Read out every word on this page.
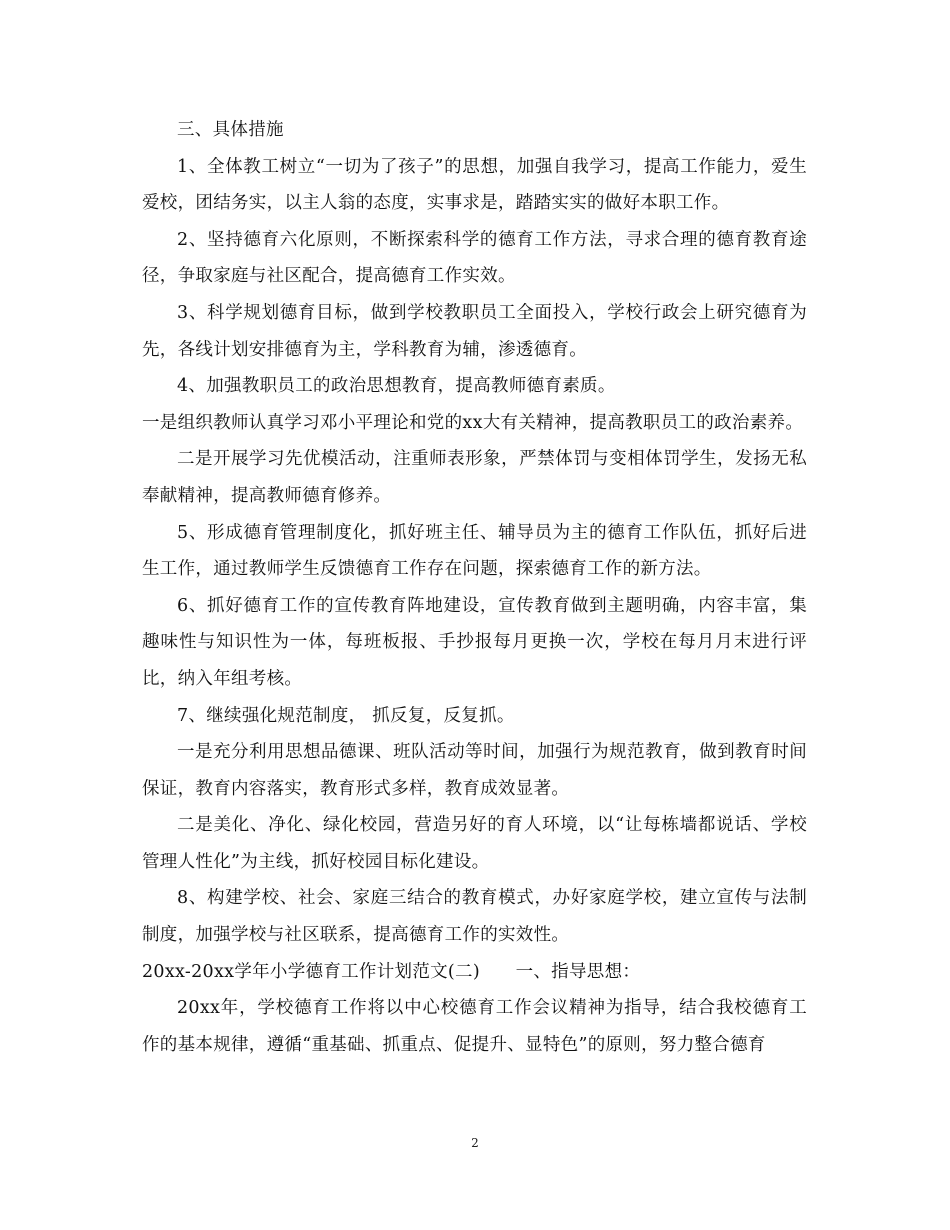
三、具体措施

1、全体教工树立“一切为了孩子”的思想，加强自我学习，提高工作能力，爱生爱校，团结务实，以主人翁的态度，实事求是，踏踏实实的做好本职工作。

2、坚持德育六化原则，不断探索科学的德育工作方法，寻求合理的德育教育途径，争取家庭与社区配合，提高德育工作实效。

3、科学规划德育目标，做到学校教职员工全面投入，学校行政会上研究德育为先，各线计划安排德育为主，学科教育为辅，渗透德育。

4、加强教职员工的政治思想教育，提高教师德育素质。

一是组织教师认真学习邓小平理论和党的xx大有关精神，提高教职员工的政治素养。

二是开展学习先优模活动，注重师表形象，严禁体罚与变相体罚学生，发扬无私奉献精神，提高教师德育修养。

5、形成德育管理制度化，抓好班主任、辅导员为主的德育工作队伍，抓好后进生工作，通过教师学生反馈德育工作存在问题，探索德育工作的新方法。

6、抓好德育工作的宣传教育阵地建设，宣传教育做到主题明确，内容丰富，集趣味性与知识性为一体，每班板报、手抄报每月更换一次，学校在每月月末进行评比，纳入年组考核。

7、继续强化规范制度， 抓反复，反复抓。

一是充分利用思想品德课、班队活动等时间，加强行为规范教育，做到教育时间保证，教育内容落实，教育形式多样，教育成效显著。

二是美化、净化、绿化校园，营造另好的育人环境，以“让每栋墙都说话、学校管理人性化”为主线，抓好校园目标化建设。

8、构建学校、社会、家庭三结合的教育模式，办好家庭学校，建立宣传与法制制度，加强学校与社区联系，提高德育工作的实效性。

20xx-20xx学年小学德育工作计划范文(二)　　一、指导思想：

20xx年，学校德育工作将以中心校德育工作会议精神为指导，结合我校德育工作的基本规律，遵循“重基础、抓重点、促提升、显特色”的原则，努力整合德育

2
